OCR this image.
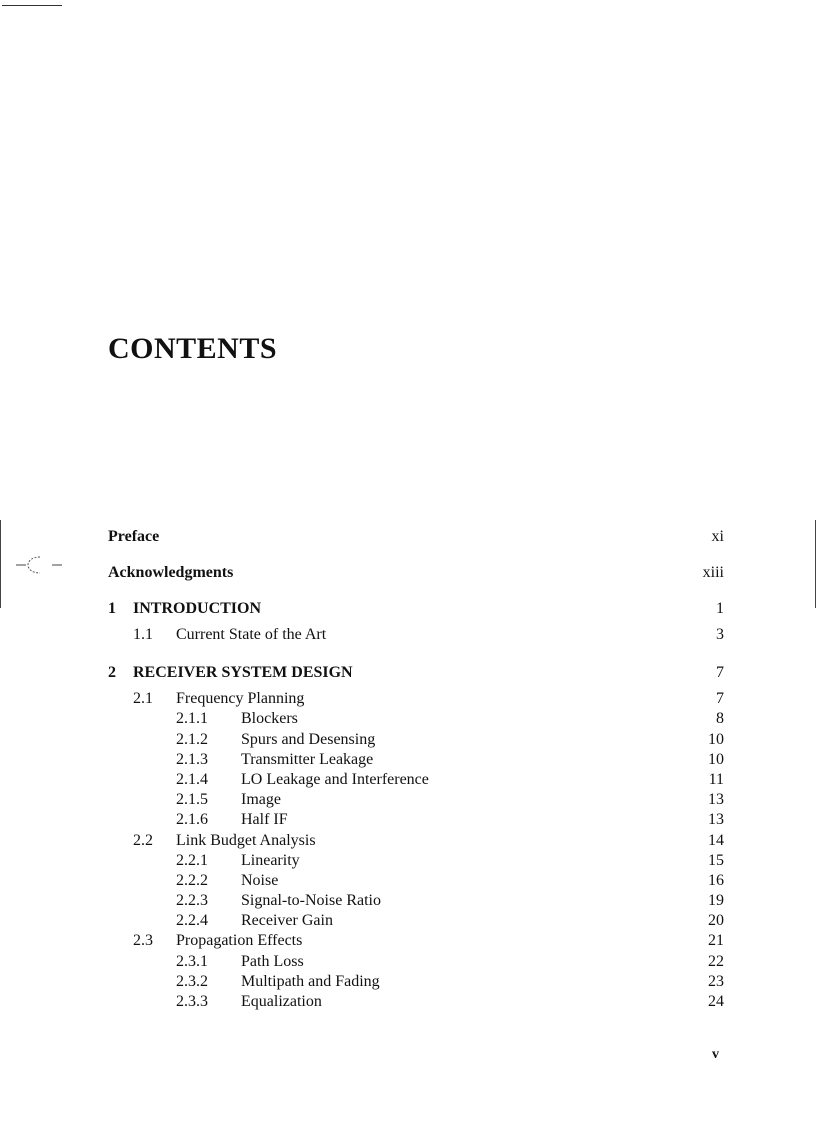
CONTENTS
Preface	xi
Acknowledgments	xiii
1 INTRODUCTION	1
1.1 Current State of the Art	3
2 RECEIVER SYSTEM DESIGN	7
2.1 Frequency Planning	7
2.1.1 Blockers	8
2.1.2 Spurs and Desensing	10
2.1.3 Transmitter Leakage	10
2.1.4 LO Leakage and Interference	11
2.1.5 Image	13
2.1.6 Half IF	13
2.2 Link Budget Analysis	14
2.2.1 Linearity	15
2.2.2 Noise	16
2.2.3 Signal-to-Noise Ratio	19
2.2.4 Receiver Gain	20
2.3 Propagation Effects	21
2.3.1 Path Loss	22
2.3.2 Multipath and Fading	23
2.3.3 Equalization	24
v
